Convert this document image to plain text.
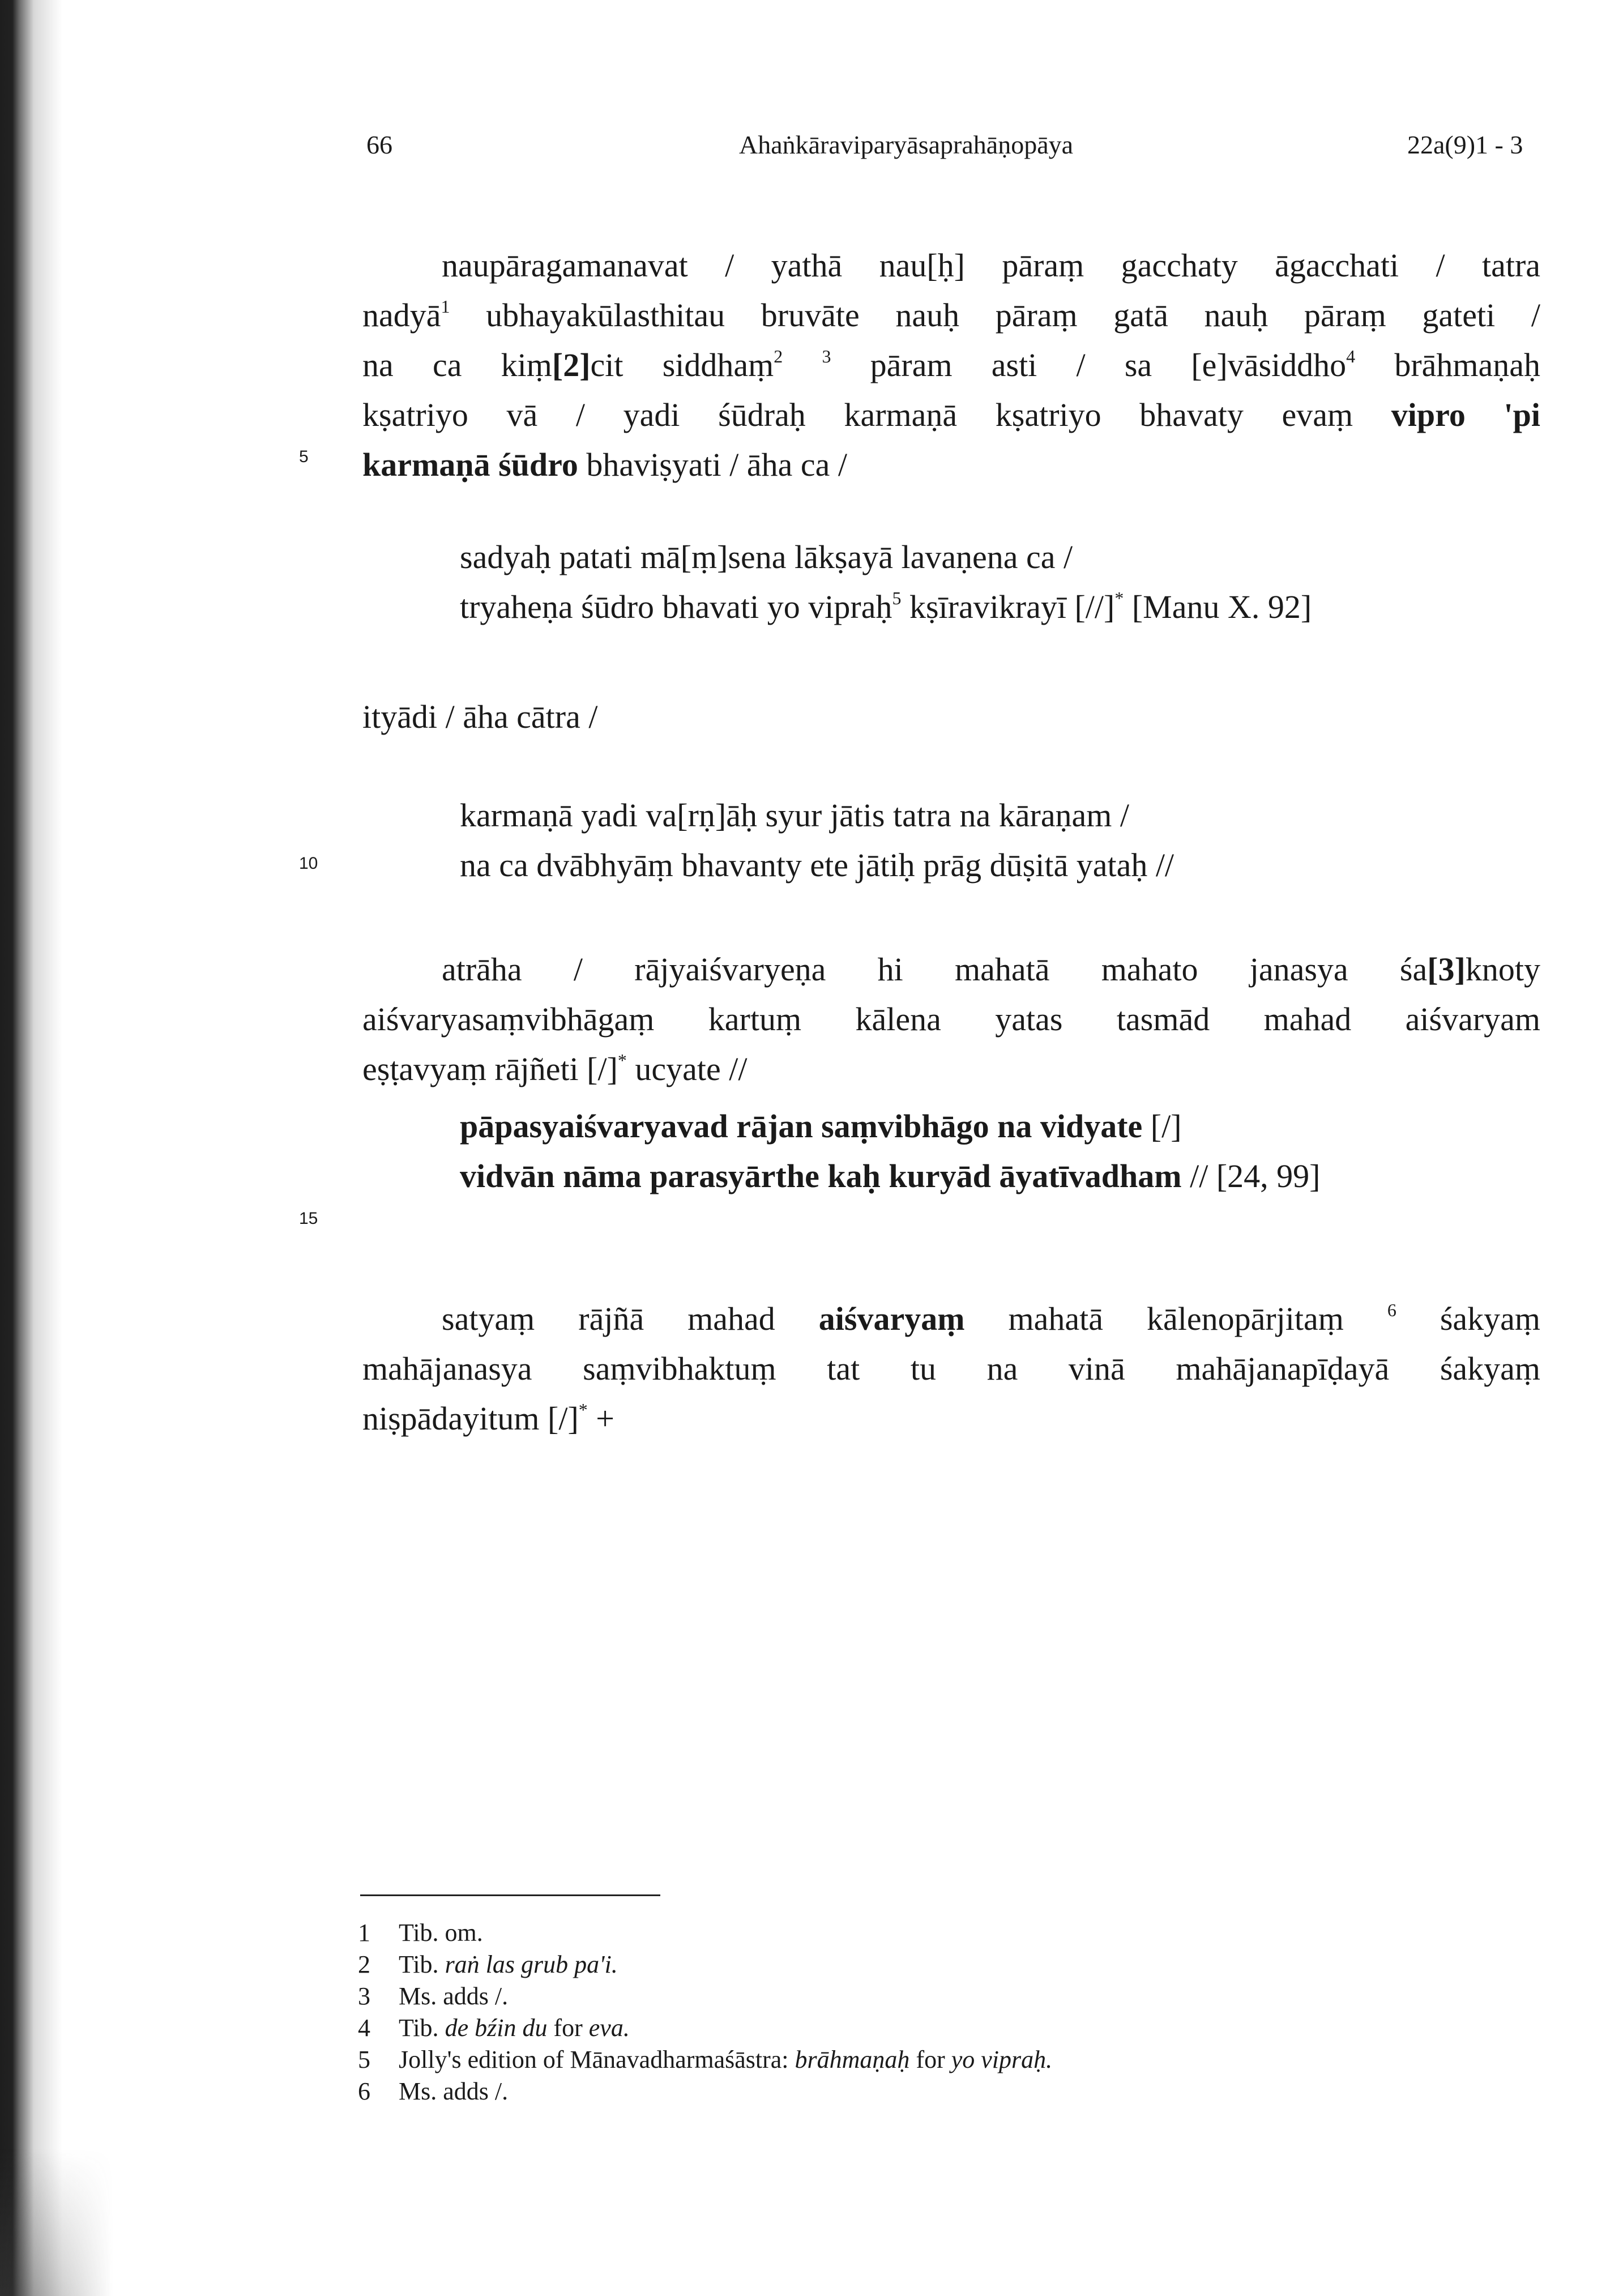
66	Ahaṅkāraviparyāsaprahāṇopāya	22a(9)1 - 3
naupāragamanavat / yathā nau[ḥ] pāraṃ gacchaty āgacchati / tatra
nadyā$^1$ ubhayakūlasthitau bruvāte nauḥ pāraṃ gatā nauḥ pāraṃ gateti /
na ca kiṃ[2]cit siddhaṃ$^2$ $^3$ pāram asti / sa [e]vāsiddho$^4$ brāhmaṇaḥ
kṣatriyo vā / yadi śūdraḥ karmaṇā kṣatriyo bhavaty evaṃ vipro 'pi
karmaṇā śūdro bhaviṣyati / āha ca /
5
sadyaḥ patati mā[ṃ]sena lākṣayā lavaṇena ca /
tryaheṇa śūdro bhavati yo vipraḥ$^5$ kṣīravikrayī [//]* [Manu X. 92]
ityādi / āha cātra /
karmaṇā yadi va[rṇ]āḥ syur jātis tatra na kāraṇam /
na ca dvābhyāṃ bhavanty ete jātiḥ prāg dūṣitā yataḥ //
10
atrāha / rājyaiśvaryeṇa hi mahatā mahato janasya śa[3]knoty
aiśvaryasaṃvibhāgaṃ kartuṃ kālena yatas tasmād mahad aiśvaryam
eṣṭavyaṃ rājñeti [/]* ucyate //
pāpasyaiśvaryavad rājan saṃvibhāgo na vidyate [/]
vidvān nāma parasyārthe kaḥ kuryād āyatīvadham // [24, 99]
15
satyaṃ rājñā mahad aiśvaryaṃ mahatā kālenopārjitaṃ $^6$ śakyaṃ
mahājanasya saṃvibhaktuṃ tat tu na vinā mahājanapīḍayā śakyaṃ
niṣpādayitum [/]* +
1 Tib. om.
2 Tib. raṅ las grub pa'i.
3 Ms. adds /.
4 Tib. de bźin du for eva.
5 Jolly's edition of Mānavadharmaśāstra: brāhmaṇaḥ for yo vipraḥ.
6 Ms. adds /.
